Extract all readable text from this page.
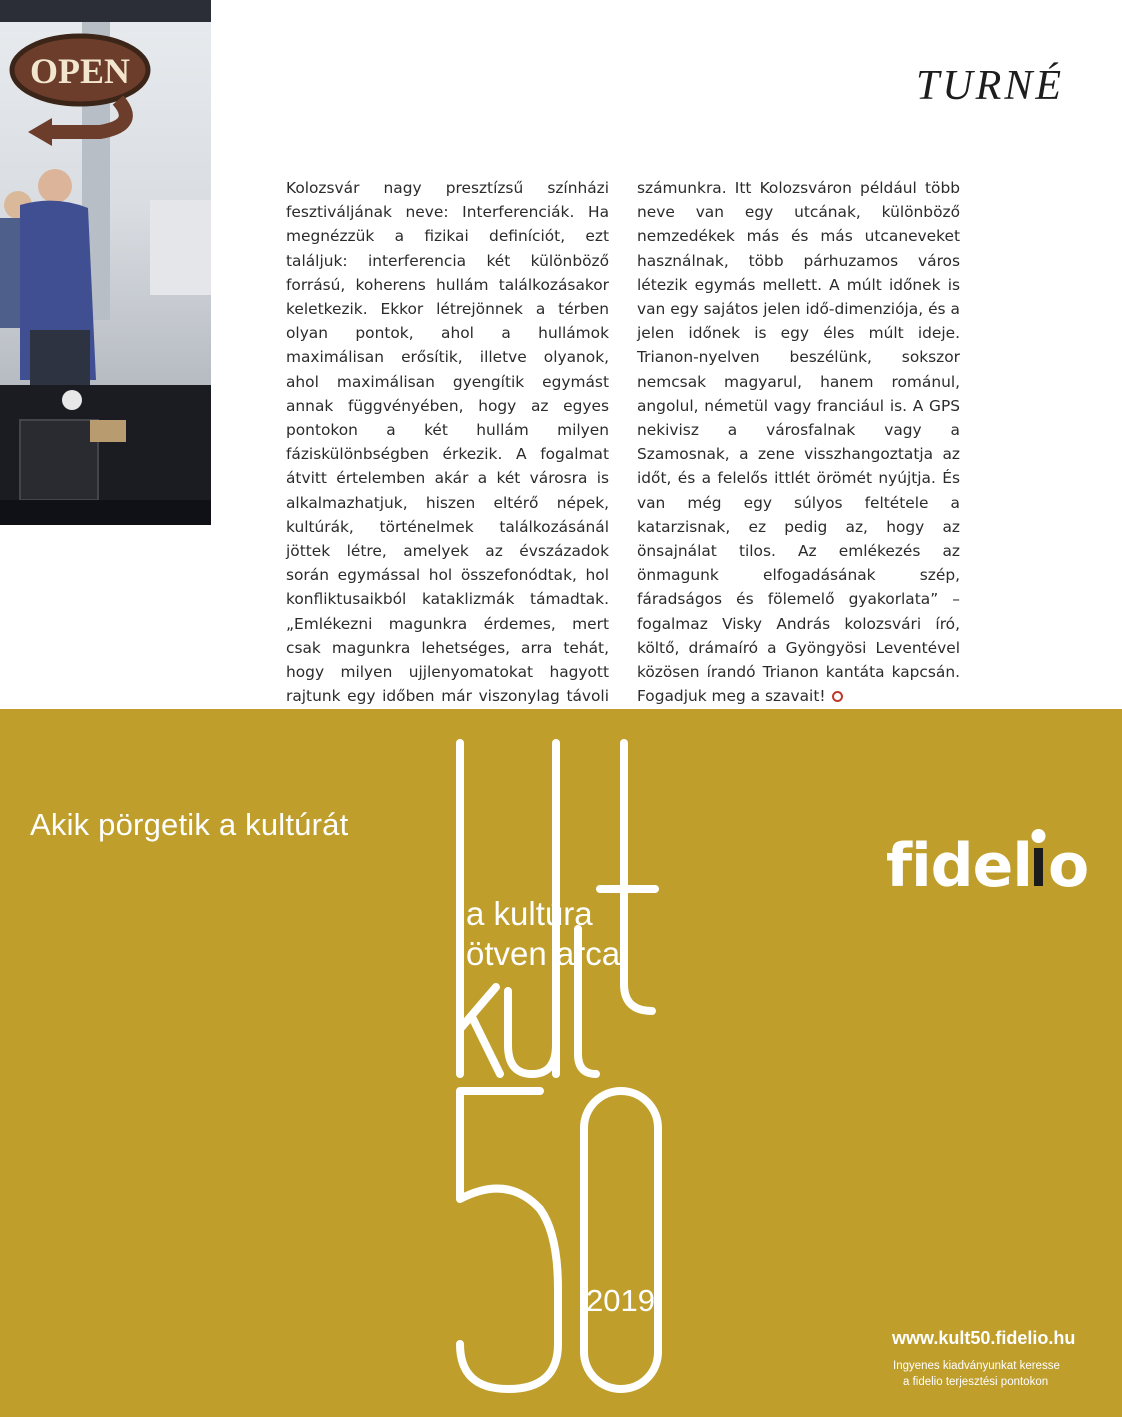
OPEN	TURNÉ

Kolozsvár nagy presztízsű színházi fesztiváljának neve: Interferenciák. Ha megnézzük a fizikai definíciót, ezt találjuk: interferencia két különböző forrású, koherens hullám találkozásakor keletkezik. Ekkor létrejönnek a térben olyan pontok, ahol a hullámok maximálisan erősítik, illetve olyanok, ahol maximálisan gyengítik egymást annak függvényében, hogy az egyes pontokon a két hullám milyen fáziskülönbségben érkezik. A fogalmat átvitt értelemben akár a két városra is alkalmazhatjuk, hiszen eltérő népek, kultúrák, történelmek találkozásánál jöttek létre, amelyek az évszázadok során egymással hol összefonódtak, hol konfliktusaikból kataklizmák támadtak. „Emlékezni magunkra érdemes, mert csak magunkra lehetséges, arra tehát, hogy milyen ujjlenyomatokat hagyott rajtunk egy időben már viszonylag távoli

számunkra. Itt Kolozsváron például több neve van egy utcának, különböző nemzedékek más és más utcaneveket használnak, több párhuzamos város létezik egymás mellett. A múlt időnek is van egy sajátos jelen idő-dimenziója, és a jelen időnek is egy éles múlt ideje. Trianon-nyelven beszélünk, sokszor nemcsak magyarul, hanem románul, angolul, németül vagy franciául is. A GPS nekivisz a városfalnak vagy a Szamosnak, a zene visszhangoztatja az időt, és a felelős ittlét örömét nyújtja. És van még egy súlyos feltétele a katarzisnak, ez pedig az, hogy az önsajnálat tilos. Az emlékezés az önmagunk elfogadásának szép, fáradságos és fölemelő gyakorlata” – fogalmaz Visky András kolozsvári író, költő, drámaíró a Gyöngyösi Leventével közösen írandó Trianon kantáta kapcsán. Fogadjuk meg a szavait!

Akik pörgetik a kultúrát

a kultúra
ötven arca
2019
fidel o
www.kult50.fidelio.hu
Ingyenes kiadványunkat keresse
a fidelio terjesztési pontokon
